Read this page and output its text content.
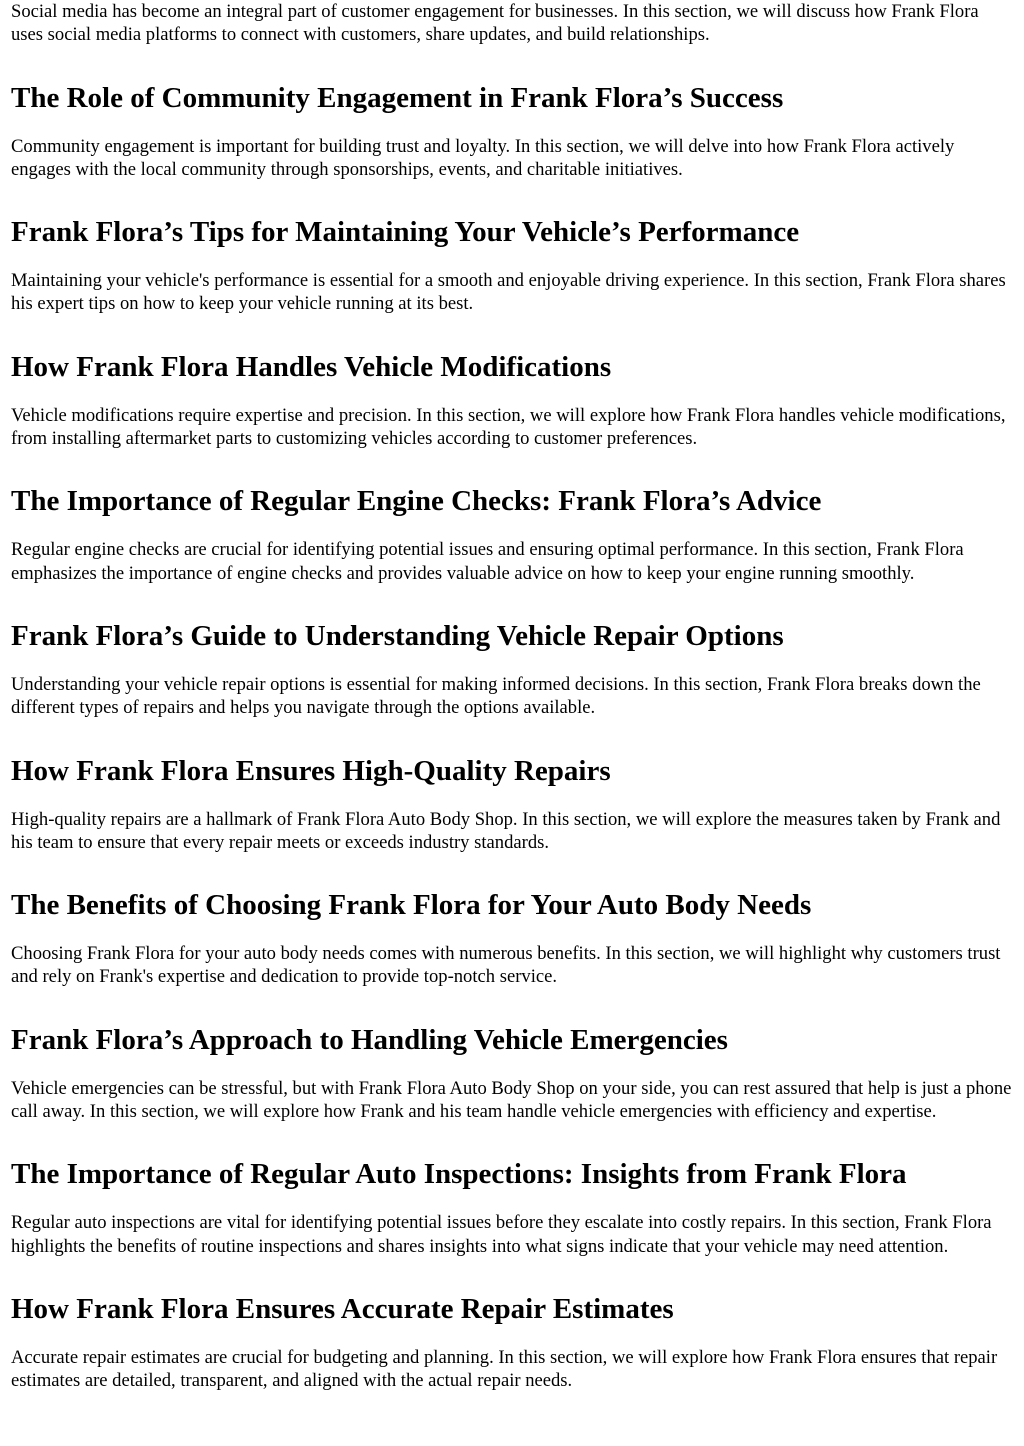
Social media has become an integral part of customer engagement for businesses. In this section, we will discuss how Frank Flora uses social media platforms to connect with customers, share updates, and build relationships.

The Role of Community Engagement in Frank Flora’s Success

Community engagement is important for building trust and loyalty. In this section, we will delve into how Frank Flora actively engages with the local community through sponsorships, events, and charitable initiatives.

Frank Flora’s Tips for Maintaining Your Vehicle’s Performance

Maintaining your vehicle's performance is essential for a smooth and enjoyable driving experience. In this section, Frank Flora shares his expert tips on how to keep your vehicle running at its best.

How Frank Flora Handles Vehicle Modifications

Vehicle modifications require expertise and precision. In this section, we will explore how Frank Flora handles vehicle modifications, from installing aftermarket parts to customizing vehicles according to customer preferences.

The Importance of Regular Engine Checks: Frank Flora’s Advice

Regular engine checks are crucial for identifying potential issues and ensuring optimal performance. In this section, Frank Flora emphasizes the importance of engine checks and provides valuable advice on how to keep your engine running smoothly.

Frank Flora’s Guide to Understanding Vehicle Repair Options

Understanding your vehicle repair options is essential for making informed decisions. In this section, Frank Flora breaks down the different types of repairs and helps you navigate through the options available.

How Frank Flora Ensures High-Quality Repairs

High-quality repairs are a hallmark of Frank Flora Auto Body Shop. In this section, we will explore the measures taken by Frank and his team to ensure that every repair meets or exceeds industry standards.

The Benefits of Choosing Frank Flora for Your Auto Body Needs

Choosing Frank Flora for your auto body needs comes with numerous benefits. In this section, we will highlight why customers trust and rely on Frank's expertise and dedication to provide top-notch service.

Frank Flora’s Approach to Handling Vehicle Emergencies

Vehicle emergencies can be stressful, but with Frank Flora Auto Body Shop on your side, you can rest assured that help is just a phone call away. In this section, we will explore how Frank and his team handle vehicle emergencies with efficiency and expertise.

The Importance of Regular Auto Inspections: Insights from Frank Flora

Regular auto inspections are vital for identifying potential issues before they escalate into costly repairs. In this section, Frank Flora highlights the benefits of routine inspections and shares insights into what signs indicate that your vehicle may need attention.

How Frank Flora Ensures Accurate Repair Estimates

Accurate repair estimates are crucial for budgeting and planning. In this section, we will explore how Frank Flora ensures that repair estimates are detailed, transparent, and aligned with the actual repair needs.
